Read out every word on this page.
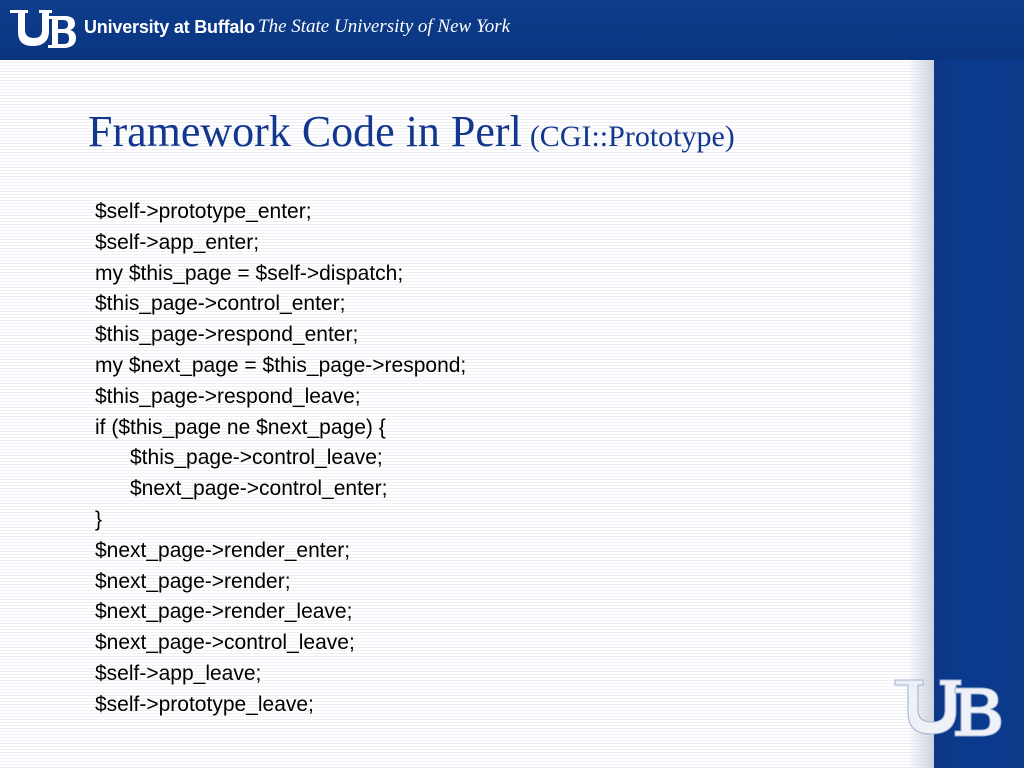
University at Buffalo The State University of New York
Framework Code in Perl (CGI::Prototype)
$self->prototype_enter;
$self->app_enter;
my $this_page = $self->dispatch;
$this_page->control_enter;
$this_page->respond_enter;
my $next_page = $this_page->respond;
$this_page->respond_leave;
if ($this_page ne $next_page) {
$this_page->control_leave;
$next_page->control_enter;
}
$next_page->render_enter;
$next_page->render;
$next_page->render_leave;
$next_page->control_leave;
$self->app_leave;
$self->prototype_leave;
